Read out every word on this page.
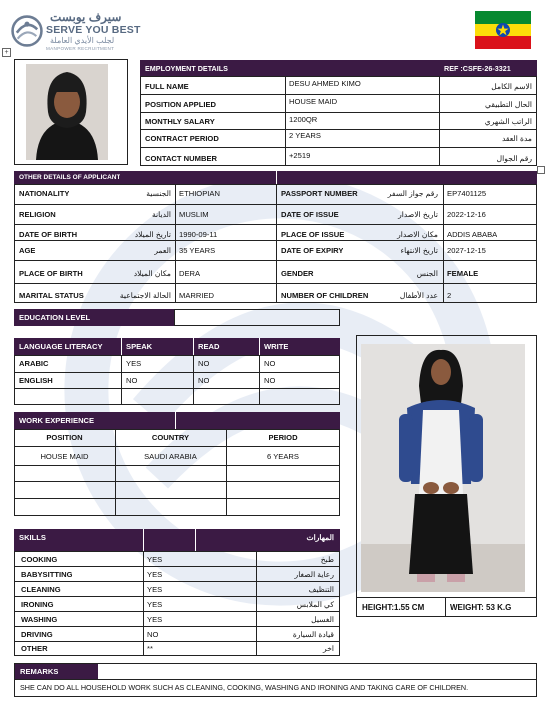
سيرف يوبست
SERVE YOU BEST
لجلب الأيدي العاملة
MANPOWER RECRUITMENT
+
EMPLOYMENT DETAILS	REF :CSFE-26-3321
FULL NAME	DESU AHMED KIMO	الاسم الكامل
POSITION APPLIED	HOUSE MAID	الحال التطبيقي
MONTHLY SALARY	1200QR	الراتب الشهري
CONTRACT PERIOD	2 YEARS	مدة العقد
CONTACT NUMBER	+2519	رقم الجوال
OTHER DETAILS OF APPLICANT
NATIONALITY	الجنسية ETHIOPIAN	PASSPORT NUMBER	رقم جواز السفر EP7401125
RELIGION	الديانة MUSLIM	DATE OF ISSUE	تاريخ الاصدار 2022-12-16
DATE OF BIRTH	تاريخ الميلاد 1990-09-11	PLACE OF ISSUE	مكان الاصدار ADDIS ABABA
AGE	العمر 35 YEARS	DATE OF EXPIRY	تاريخ الانتهاء 2027-12-15
PLACE OF BIRTH	مكان الميلاد DERA	GENDER	الجنس FEMALE
MARITAL STATUS	الحالة الاجتماعية MARRIED	NUMBER OF CHILDREN	عدد الأطفال 2
EDUCATION LEVEL
LANGUAGE LITERACY	SPEAK	READ	WRITE
ARABIC	YES	NO	NO
ENGLISH	NO	NO	NO
HEIGHT:1.55 CM	WEIGHT: 53 K.G
WORK EXPERIENCE
POSITION	COUNTRY	PERIOD
HOUSE MAID	SAUDI ARABIA	6 YEARS
SKILLS	المهارات
COOKING	YES	طبخ
BABYSITTING	YES	رعاية الصغار
CLEANING	YES	التنظيف
IRONING	YES	كي الملابس
WASHING	YES	الغسيل
DRIVING	NO	قيادة السيارة
OTHER	**	اخر
REMARKS
SHE CAN DO ALL HOUSEHOLD WORK SUCH AS CLEANING, COOKING, WASHING AND IRONING AND TAKING CARE OF CHILDREN.
